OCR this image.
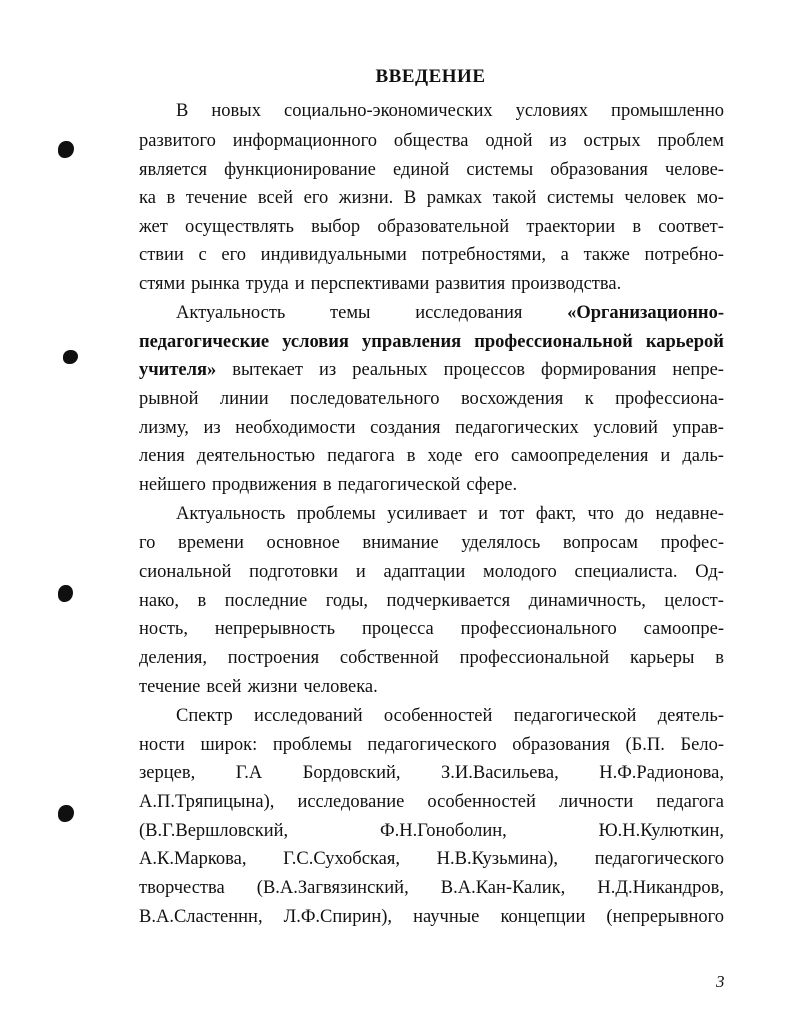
ВВЕДЕНИЕ
В новых социально-экономических условиях промышленно
развитого информационного общества одной из острых проблем
является функционирование единой системы образования челове-
ка в течение всей его жизни. В рамках такой системы человек мо-
жет осуществлять выбор образовательной траектории в соответ-
ствии с его индивидуальными потребностями, а также потребно-
стями рынка труда и перспективами развития производства.
Актуальность темы исследования «Организационно-
педагогические условия управления профессиональной карьерой
учителя» вытекает из реальных процессов формирования непре-
рывной линии последовательного восхождения к профессиона-
лизму, из необходимости создания педагогических условий управ-
ления деятельностью педагога в ходе его самоопределения и даль-
нейшего продвижения в педагогической сфере.
Актуальность проблемы усиливает и тот факт, что до недавне-
го времени основное внимание уделялось вопросам профес-
сиональной подготовки и адаптации молодого специалиста. Од-
нако, в последние годы, подчеркивается динамичность, целост-
ность, непрерывность процесса профессионального самоопре-
деления, построения собственной профессиональной карьеры в
течение всей жизни человека.
Спектр исследований особенностей педагогической деятель-
ности широк: проблемы педагогического образования (Б.П. Бело-
зерцев, Г.А Бордовский, З.И.Васильева, Н.Ф.Радионова,
А.П.Тряпицына), исследование особенностей личности педагога
(В.Г.Вершловский,	Ф.Н.Гоноболин,	Ю.Н.Кулюткин,
А.К.Маркова, Г.С.Сухобская, Н.В.Кузьмина), педагогического
творчества (В.А.Загвязинский, В.А.Кан-Калик, Н.Д.Никандров,
В.А.Сластеннн, Л.Ф.Спирин), научные концепции (непрерывного
3
